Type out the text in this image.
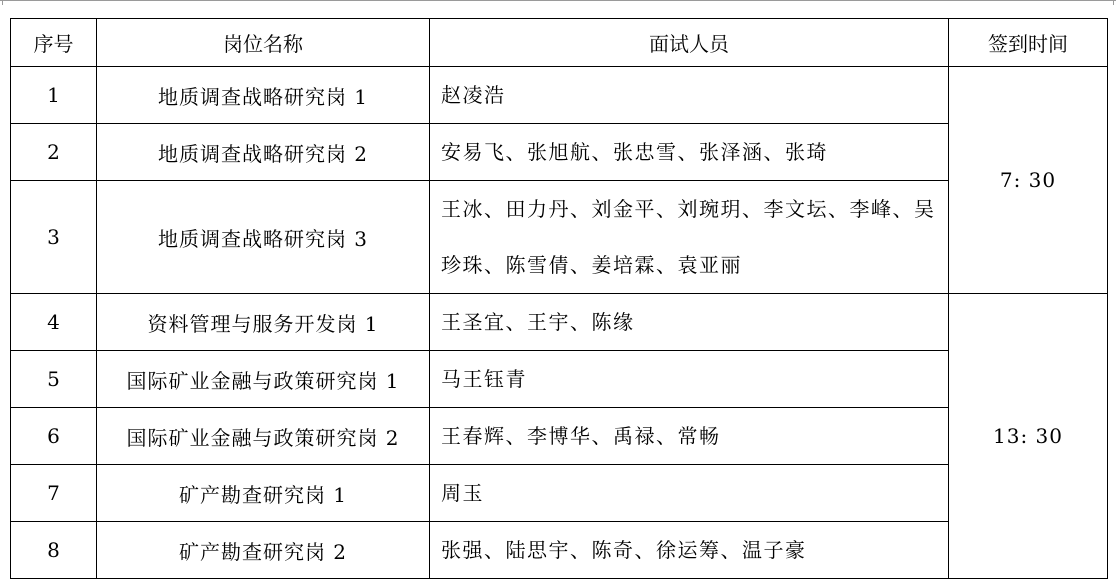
序号	岗位名称	面试人员	签到时间
1	地质调查战略研究岗 1	赵凌浩	7: 30
2	地质调查战略研究岗 2	安易飞、张旭航、张忠雪、张泽涵、张琦	
3	地质调查战略研究岗 3	王冰、田力丹、刘金平、刘琬玥、李文坛、李峰、吴珍珠、陈雪倩、姜培霖、袁亚丽	
4	资料管理与服务开发岗 1	王圣宜、王宇、陈缘	13: 30
5	国际矿业金融与政策研究岗 1	马王钰青	
6	国际矿业金融与政策研究岗 2	王春辉、李博华、禹禄、常畅	
7	矿产勘查研究岗 1	周玉	
8	矿产勘查研究岗 2	张强、陆思宇、陈奇、徐运筹、温子豪	
